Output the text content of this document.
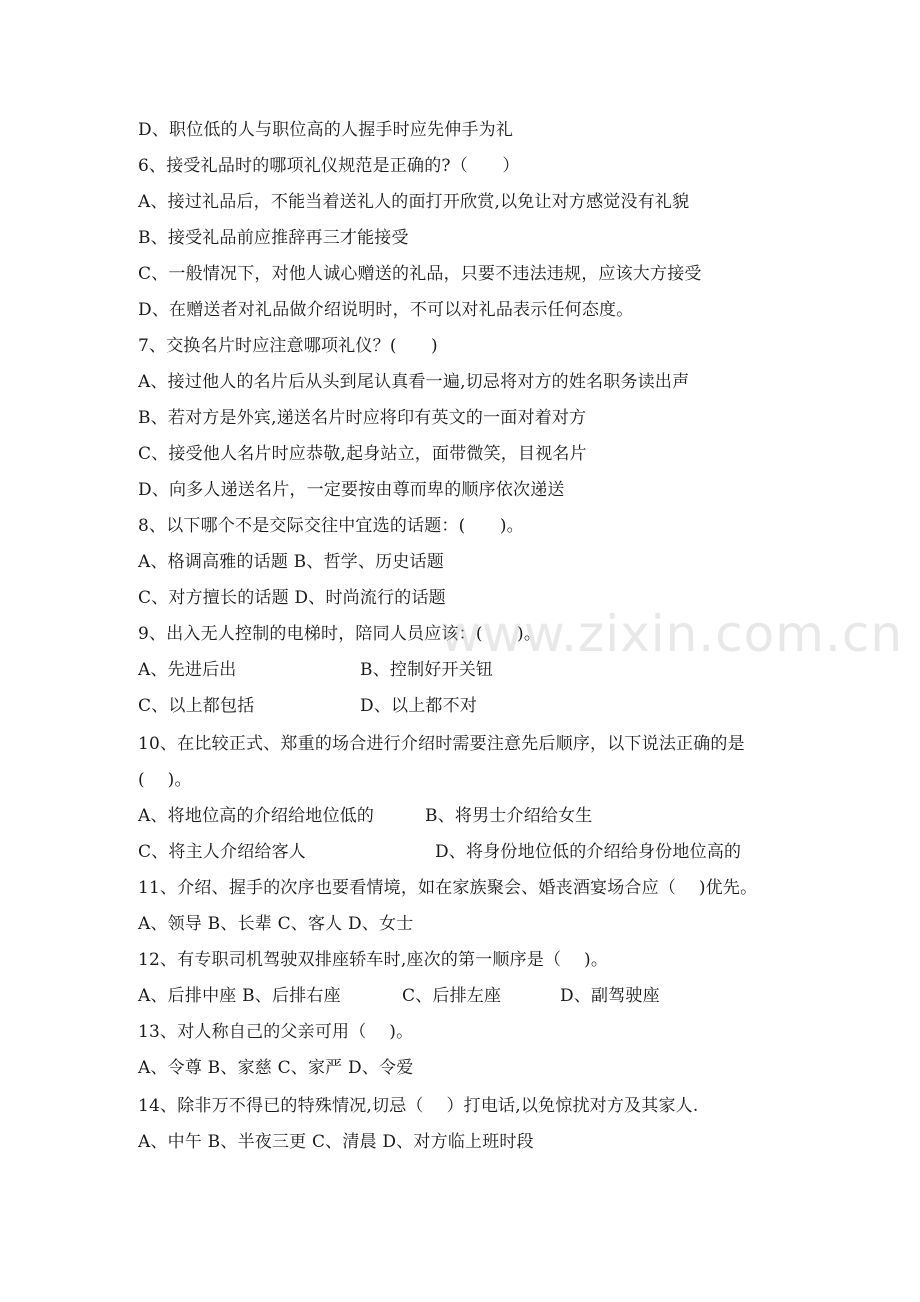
D、职位低的人与职位高的人握手时应先伸手为礼
6、接受礼品时的哪项礼仪规范是正确的?（　　）
A、接过礼品后，不能当着送礼人的面打开欣赏,以免让对方感觉没有礼貌
B、接受礼品前应推辞再三才能接受
C、一般情况下，对他人诚心赠送的礼品，只要不违法违规，应该大方接受
D、在赠送者对礼品做介绍说明时，不可以对礼品表示任何态度。
7、交换名片时应注意哪项礼仪？(　　)
A、接过他人的名片后从头到尾认真看一遍,切忌将对方的姓名职务读出声
B、若对方是外宾,递送名片时应将印有英文的一面对着对方
C、接受他人名片时应恭敬,起身站立，面带微笑，目视名片
D、向多人递送名片，一定要按由尊而卑的顺序依次递送
8、以下哪个不是交际交往中宜选的话题：(　　)。
A、格调高雅的话题 B、哲学、历史话题
C、对方擅长的话题 D、时尚流行的话题
9、出入无人控制的电梯时，陪同人员应该：(　　)。
A、先进后出	B、控制好开关钮
C、以上都包括	D、以上都不对
10、在比较正式、郑重的场合进行介绍时需要注意先后顺序，以下说法正确的是
(　 )。
A、将地位高的介绍给地位低的	B、将男士介绍给女生
C、将主人介绍给客人	D、将身份地位低的介绍给身份地位高的
11、介绍、握手的次序也要看情境，如在家族聚会、婚丧酒宴场合应（　 )优先。
A、领导 B、长辈 C、客人 D、女士
12、有专职司机驾驶双排座轿车时,座次的第一顺序是（　 )。
A、后排中座 B、后排右座	C、后排左座	D、副驾驶座
13、对人称自己的父亲可用（　 )。
A、令尊 B、家慈 C、家严 D、令爱
14、除非万不得已的特殊情况,切忌（　 ）打电话,以免惊扰对方及其家人.
A、中午 B、半夜三更 C、清晨 D、对方临上班时段
www.zixin.com.cn
